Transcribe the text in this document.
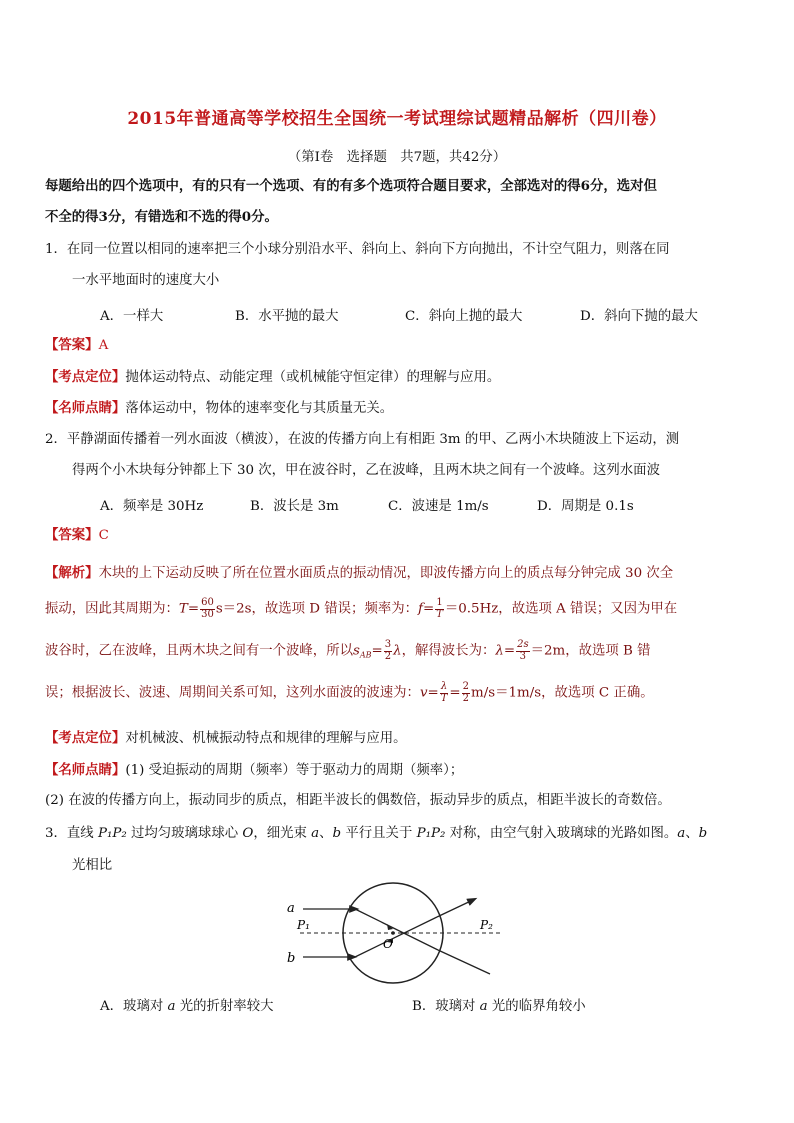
2015年普通高等学校招生全国统一考试理综试题精品解析（四川卷）
（第Ⅰ卷　选择题　共7题，共42分）
每题给出的四个选项中，有的只有一个选项、有的有多个选项符合题目要求，全部选对的得6分，选对但
不全的得3分，有错选和不选的得0分。
1．在同一位置以相同的速率把三个小球分别沿水平、斜向上、斜向下方向抛出，不计空气阻力，则落在同
一水平地面时的速度大小
A．一样大	B．水平抛的最大	C．斜向上抛的最大	D．斜向下抛的最大
【答案】A
【考点定位】抛体运动特点、动能定理（或机械能守恒定律）的理解与应用。
【名师点睛】落体运动中，物体的速率变化与其质量无关。
2．平静湖面传播着一列水面波（横波），在波的传播方向上有相距 3m 的甲、乙两小木块随波上下运动，测
得两个小木块每分钟都上下 30 次，甲在波谷时，乙在波峰，且两木块之间有一个波峰。这列水面波
A．频率是 30Hz	B．波长是 3m	C．波速是 1m/s	D．周期是 0.1s
【答案】C
【解析】木块的上下运动反映了所在位置水面质点的振动情况，即波传播方向上的质点每分钟完成 30 次全
振动，因此其周期为：$T= \frac{60}{30} s=2s$，故选项 D 错误；频率为：$f= \frac{1}{T} =0.5Hz$，故选项 A 错误；又因为甲在
波谷时，乙在波峰，且两木块之间有一个波峰，所以$s_{AB}= \frac{3}{2}$ λ，解得波长为：$\lambda= \frac{2s}{3} =2m$，故选项 B 错
误；根据波长、波速、周期间关系可知，这列水面波的波速为：$v= \frac{\lambda}{T} = \frac{2}{2} m/s=1m/s$，故选项 C 正确。
【考点定位】对机械波、机械振动特点和规律的理解与应用。
【名师点睛】(1) 受迫振动的周期（频率）等于驱动力的周期（频率）；
(2) 在波的传播方向上，振动同步的质点，相距半波长的偶数倍，振动异步的质点，相距半波长的奇数倍。
3．直线 P₁P₂ 过均匀玻璃球球心 O，细光束 a、b 平行且关于 P₁P₂ 对称，由空气射入玻璃球的光路如图。a、b
光相比
a
b
P₁	P₂
O
A．玻璃对 a 光的折射率较大	B．玻璃对 a 光的临界角较小
